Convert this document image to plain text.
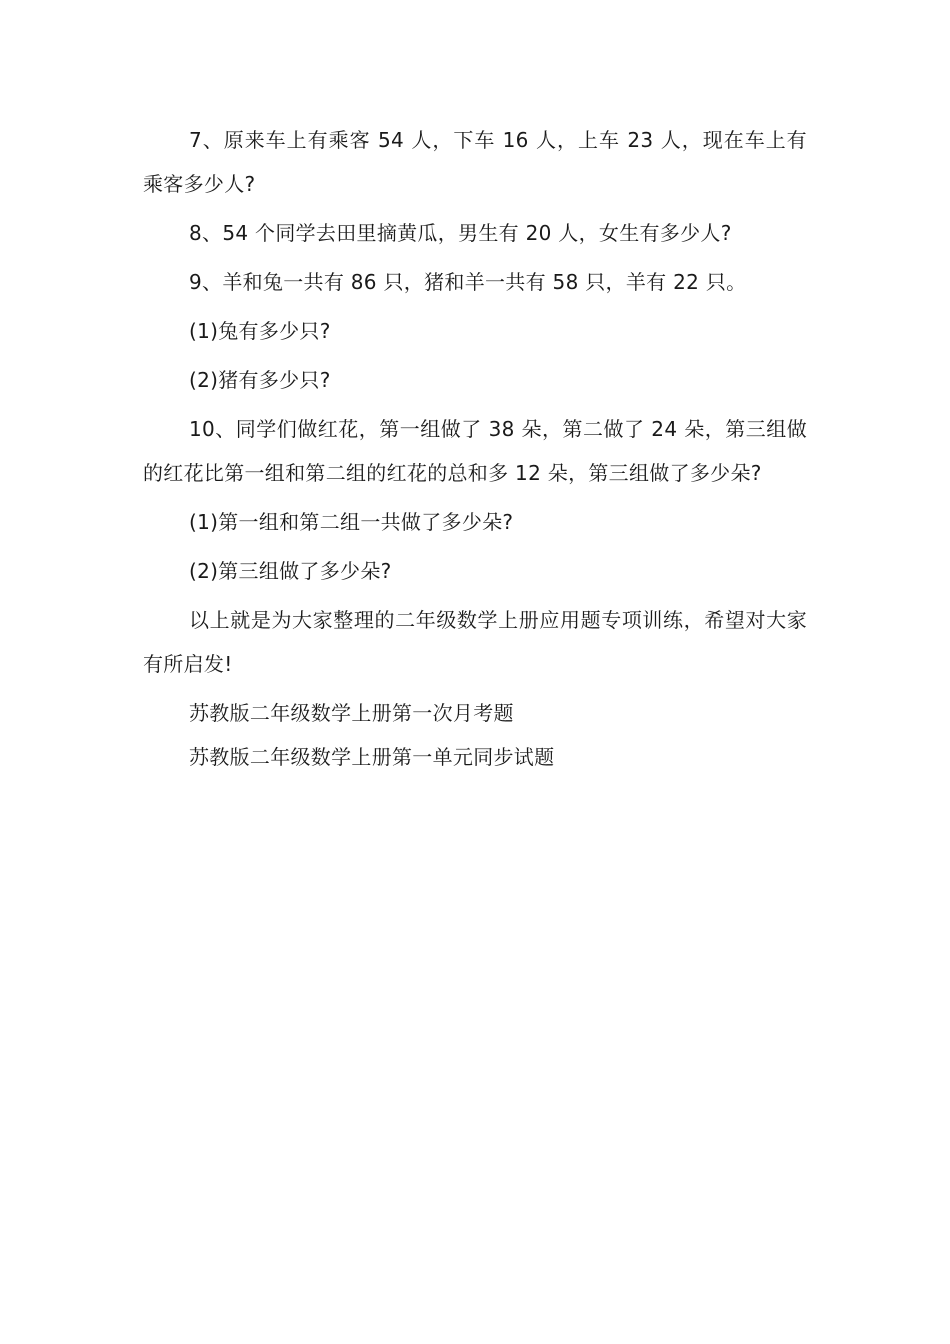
7、原来车上有乘客 54 人，下车 16 人，上车 23 人，现在车上有乘客多少人?

8、54 个同学去田里摘黄瓜，男生有 20 人，女生有多少人?

9、羊和兔一共有 86 只，猪和羊一共有 58 只，羊有 22 只。

(1)兔有多少只?

(2)猪有多少只?

10、同学们做红花，第一组做了 38 朵，第二做了 24 朵，第三组做的红花比第一组和第二组的红花的总和多 12 朵，第三组做了多少朵?

(1)第一组和第二组一共做了多少朵?

(2)第三组做了多少朵?

以上就是为大家整理的二年级数学上册应用题专项训练，希望对大家有所启发!

苏教版二年级数学上册第一次月考题

苏教版二年级数学上册第一单元同步试题
